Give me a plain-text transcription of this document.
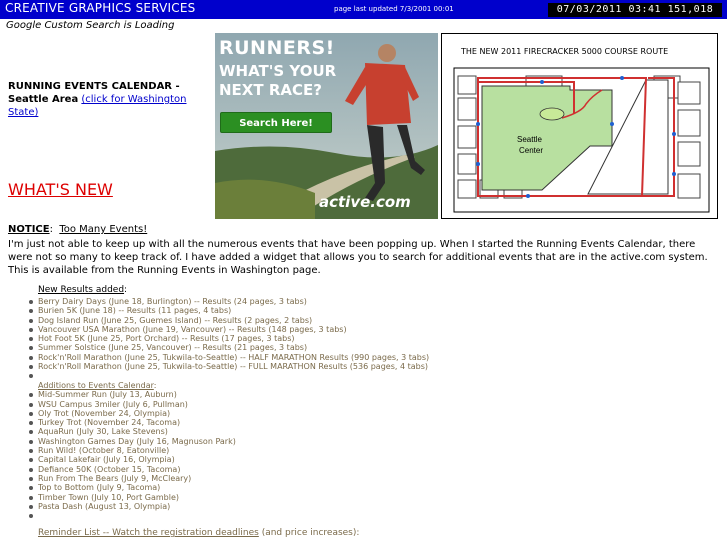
CREATIVE GRAPHICS SERVICES	page last updated 7/3/2001 00:01	07/03/2011 03:41 151,018
Google Custom Search is Loading
RUNNING EVENTS CALENDAR - Seattle Area (click for Washington State)
WHAT'S NEW
RUNNERS!
WHAT'S YOUR NEXT RACE?
Search Here!
active.com
THE NEW 2011 FIRECRACKER 5000 COURSE ROUTE
Seattle Center
NOTICE:  Too Many Events!
I'm just not able to keep up with all the numerous events that have been popping up. When I started the Running Events Calendar, there were not so many to keep track of. I have added a widget that allows you to search for additional events that are in the active.com system. This is available from the Running Events in Washington page.
New Results added:
Berry Dairy Days (June 18, Burlington) -- Results (24 pages, 3 tabs)
Burien 5K (June 18) -- Results (11 pages, 4 tabs)
Dog Island Run (June 25, Guemes Island) -- Results (2 pages, 2 tabs)
Vancouver USA Marathon (June 19, Vancouver) -- Results (148 pages, 3 tabs)
Hot Foot 5K (June 25, Port Orchard) -- Results (17 pages, 3 tabs)
Summer Solstice (June 25, Vancouver) -- Results (21 pages, 3 tabs)
Rock'n'Roll Marathon (June 25, Tukwila-to-Seattle) -- HALF MARATHON Results (990 pages, 3 tabs)
Rock'n'Roll Marathon (June 25, Tukwila-to-Seattle) -- FULL MARATHON Results (536 pages, 4 tabs)
Additions to Events Calendar:
Mid-Summer Run (July 13, Auburn)
WSU Campus 3miler (July 6, Pullman)
Oly Trot (November 24, Olympia)
Turkey Trot (November 24, Tacoma)
AquaRun (July 30, Lake Stevens)
Washington Games Day (July 16, Magnuson Park)
Run Wild! (October 8, Eatonville)
Capital Lakefair (July 16, Olympia)
Defiance 50K (October 15, Tacoma)
Run From The Bears (July 9, McCleary)
Top to Bottom (July 9, Tacoma)
Timber Town (July 10, Port Gamble)
Pasta Dash (August 13, Olympia)
Reminder List -- Watch the registration deadlines (and price increases):
